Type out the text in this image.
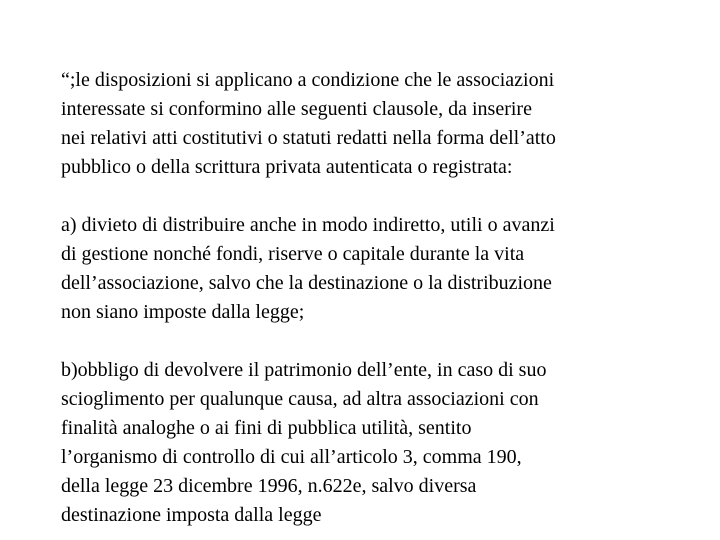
“;le disposizioni si applicano a condizione che le associazioni
interessate si conformino alle seguenti clausole, da inserire
nei relativi atti costitutivi o statuti redatti nella forma dell’atto
pubblico o della scrittura privata autenticata o registrata:

a) divieto di distribuire anche in modo indiretto, utili o avanzi
di gestione nonché fondi, riserve o capitale durante la vita
dell’associazione, salvo che la destinazione o la distribuzione
non siano imposte dalla legge;

b)obbligo di devolvere il patrimonio dell’ente, in caso di suo
scioglimento per qualunque causa, ad altra associazioni con
finalità analoghe o ai fini di pubblica utilità, sentito
l’organismo di controllo di cui all’articolo 3, comma 190,
della legge 23 dicembre 1996, n.622e, salvo diversa
destinazione imposta dalla legge
